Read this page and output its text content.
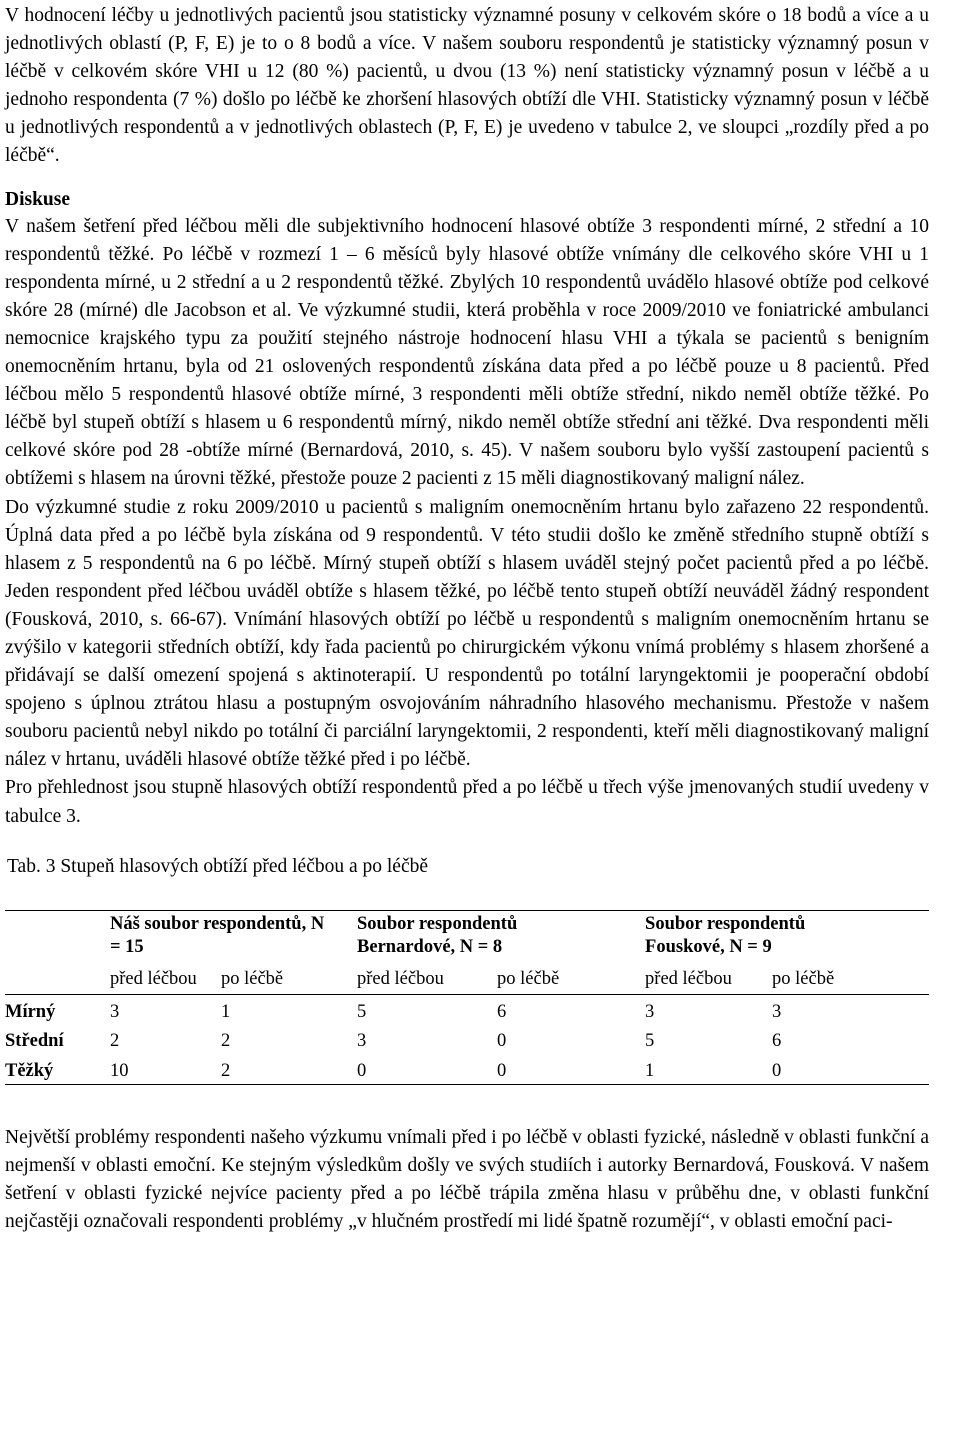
V hodnocení léčby u jednotlivých pacientů jsou statisticky významné posuny v celkovém skóre o 18 bodů a více a u jednotlivých oblastí (P, F, E) je to o 8 bodů a více. V našem souboru respondentů je statisticky významný posun v léčbě v celkovém skóre VHI u 12 (80 %) pacientů, u dvou (13 %) není statisticky významný posun v léčbě a u jednoho respondenta (7 %) došlo po léčbě ke zhoršení hlasových obtíží dle VHI. Statisticky významný posun v léčbě u jednotlivých respondentů a v jednotlivých oblastech (P, F, E) je uvedeno v tabulce 2, ve sloupci „rozdíly před a po léčbě“.

Diskuse

V našem šetření před léčbou měli dle subjektivního hodnocení hlasové obtíže 3 respondenti mírné, 2 střední a 10 respondentů těžké. Po léčbě v rozmezí 1 – 6 měsíců byly hlasové obtíže vnímány dle celkového skóre VHI u 1 respondenta mírné, u 2 střední a u 2 respondentů těžké. Zbylých 10 respondentů uvádělo hlasové obtíže pod celkové skóre 28 (mírné) dle Jacobson et al. Ve výzkumné studii, která proběhla v roce 2009/2010 ve foniatrické ambulanci nemocnice krajského typu za použití stejného nástroje hodnocení hlasu VHI a týkala se pacientů s benigním onemocněním hrtanu, byla od 21 oslovených respondentů získána data před a po léčbě pouze u 8 pacientů. Před léčbou mělo 5 respondentů hlasové obtíže mírné, 3 respondenti měli obtíže střední, nikdo neměl obtíže těžké. Po léčbě byl stupeň obtíží s hlasem u 6 respondentů mírný, nikdo neměl obtíže střední ani těžké. Dva respondenti měli celkové skóre pod 28 -obtíže mírné (Bernardová, 2010, s. 45). V našem souboru bylo vyšší zastoupení pacientů s obtížemi s hlasem na úrovni těžké, přestože pouze 2 pacienti z 15 měli diagnostikovaný maligní nález.

Do výzkumné studie z roku 2009/2010 u pacientů s maligním onemocněním hrtanu bylo zařazeno 22 respondentů. Úplná data před a po léčbě byla získána od 9 respondentů. V této studii došlo ke změně středního stupně obtíží s hlasem z 5 respondentů na 6 po léčbě. Mírný stupeň obtíží s hlasem uváděl stejný počet pacientů před a po léčbě. Jeden respondent před léčbou uváděl obtíže s hlasem těžké, po léčbě tento stupeň obtíží neuváděl žádný respondent (Fousková, 2010, s. 66-67). Vnímání hlasových obtíží po léčbě u respondentů s maligním onemocněním hrtanu se zvýšilo v kategorii středních obtíží, kdy řada pacientů po chirurgickém výkonu vnímá problémy s hlasem zhoršené a přidávají se další omezení spojená s aktinoterapií. U respondentů po totální laryngektomii je pooperační období spojeno s úplnou ztrátou hlasu a postupným osvojováním náhradního hlasového mechanismu. Přestože v našem souboru pacientů nebyl nikdo po totální či parciální laryngektomii, 2 respondenti, kteří měli diagnostikovaný maligní nález v hrtanu, uváděli hlasové obtíže těžké před i po léčbě.

Pro přehlednost jsou stupně hlasových obtíží respondentů před a po léčbě u třech výše jmenovaných studií uvedeny v tabulce 3.

Tab. 3 Stupeň hlasových obtíží před léčbou a po léčbě
	Náš soubor respondentů, N = 15		Soubor respondentů Bernardové, N = 8		Soubor respondentů Fouskové, N = 9	
	před léčbou	po léčbě	před léčbou	po léčbě	před léčbou	po léčbě
Mírný	3	1	5	6	3	3
Střední	2	2	3	0	5	6
Těžký	10	2	0	0	1	0

Největší problémy respondenti našeho výzkumu vnímali před i po léčbě v oblasti fyzické, následně v oblasti funkční a nejmenší v oblasti emoční. Ke stejným výsledkům došly ve svých studiích i autorky Bernardová, Fousková. V našem šetření v oblasti fyzické nejvíce pacienty před a po léčbě trápila změna hlasu v průběhu dne, v oblasti funkční nejčastěji označovali respondenti problémy „v hlučném prostředí mi lidé špatně rozumějí“, v oblasti emoční paci-
